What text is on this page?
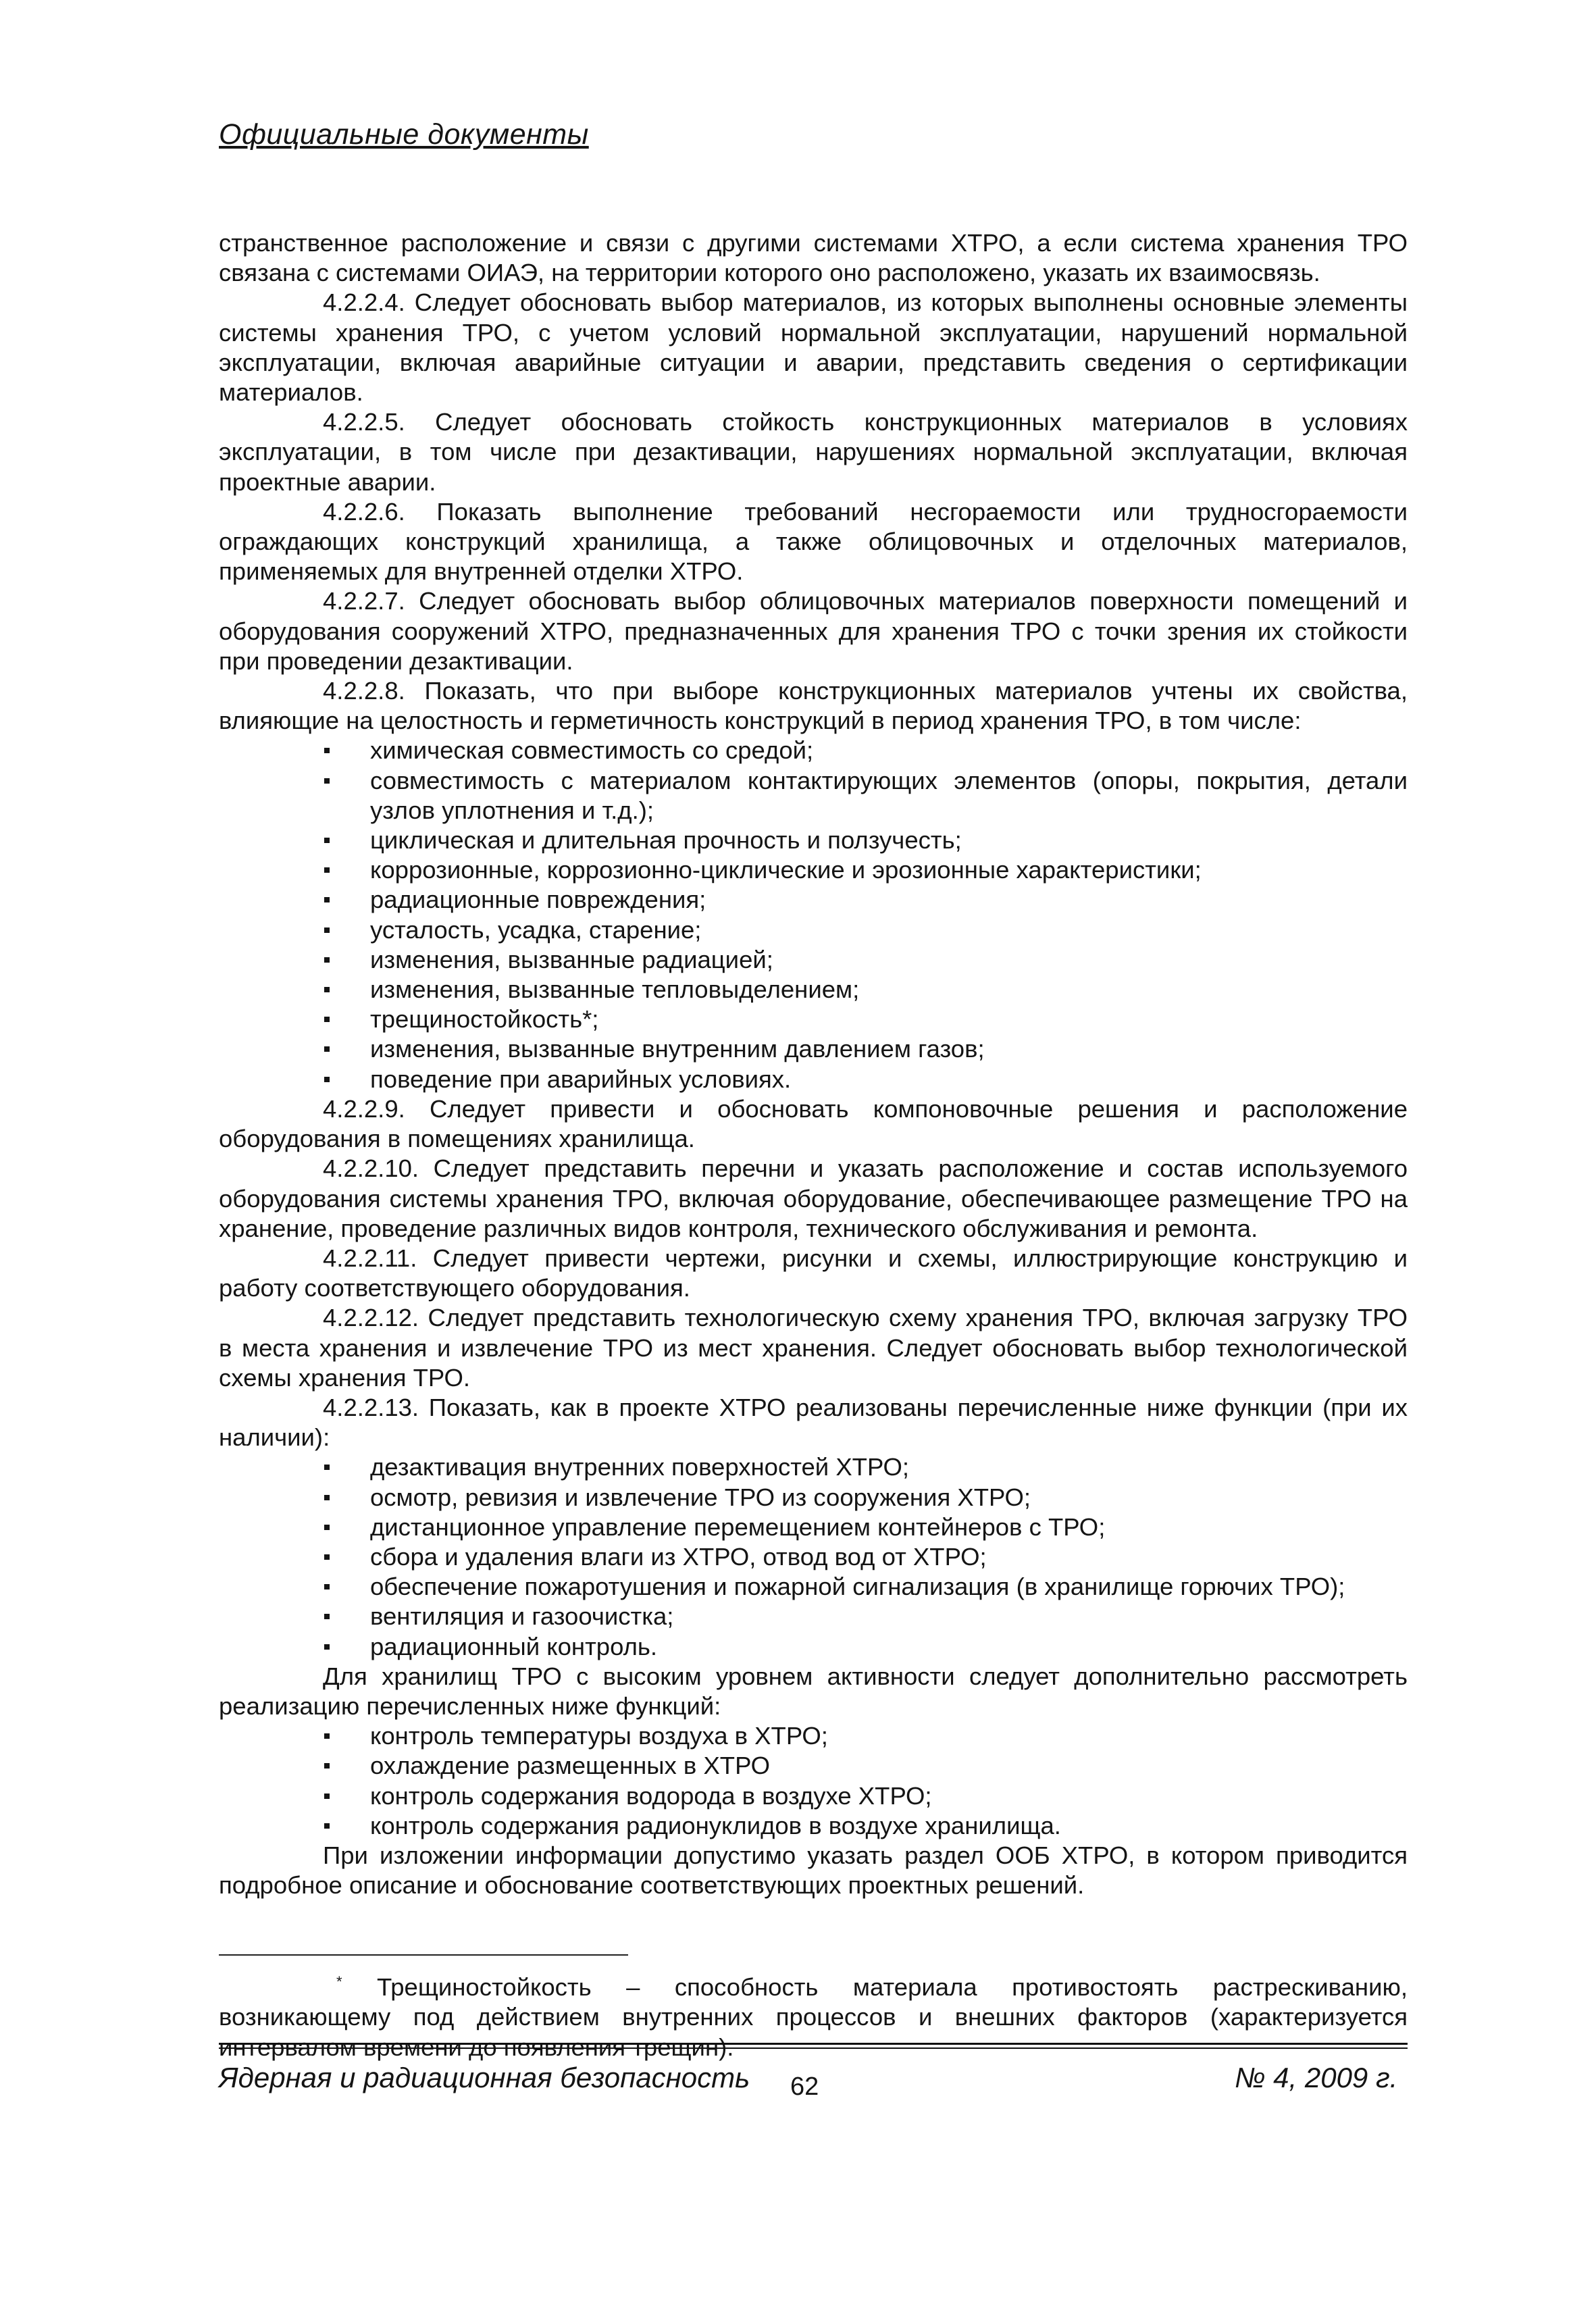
Официальные документы

странственное расположение и связи с другими системами ХТРО, а если система хранения ТРО связана с системами ОИАЭ, на территории которого оно расположено, указать их взаимосвязь.

4.2.2.4. Следует обосновать выбор материалов, из которых выполнены основные элементы системы хранения ТРО, с учетом условий нормальной эксплуатации, нарушений нормальной эксплуатации, включая аварийные ситуации и аварии, представить сведения о сертификации материалов.

4.2.2.5. Следует обосновать стойкость конструкционных материалов в условиях эксплуатации, в том числе при дезактивации, нарушениях нормальной эксплуатации, включая проектные аварии.

4.2.2.6. Показать выполнение требований несгораемости или трудносгораемости ограждающих конструкций хранилища, а также облицовочных и отделочных материалов, применяемых для внутренней отделки ХТРО.

4.2.2.7. Следует обосновать выбор облицовочных материалов поверхности помещений и оборудования сооружений ХТРО, предназначенных для хранения ТРО с точки зрения их стойкости при проведении дезактивации.

4.2.2.8. Показать, что при выборе конструкционных материалов учтены их свойства, влияющие на целостность и герметичность конструкций в период хранения ТРО, в том числе:

химическая совместимость со средой;
совместимость с материалом контактирующих элементов (опоры, покрытия, детали узлов уплотнения и т.д.);
циклическая и длительная прочность и ползучесть;
коррозионные, коррозионно-циклические и эрозионные характеристики;
радиационные повреждения;
усталость, усадка, старение;
изменения, вызванные радиацией;
изменения, вызванные тепловыделением;
трещиностойкость*;
изменения, вызванные внутренним давлением газов;
поведение при аварийных условиях.

4.2.2.9. Следует привести и обосновать компоновочные решения и расположение оборудования в помещениях хранилища.

4.2.2.10. Следует представить перечни и указать расположение и состав используемого оборудования системы хранения ТРО, включая оборудование, обеспечивающее размещение ТРО на хранение, проведение различных видов контроля, технического обслуживания и ремонта.

4.2.2.11. Следует привести чертежи, рисунки и схемы, иллюстрирующие конструкцию и работу соответствующего оборудования.

4.2.2.12. Следует представить технологическую схему хранения ТРО, включая загрузку ТРО в места хранения и извлечение ТРО из мест хранения. Следует обосновать выбор технологической схемы хранения ТРО.

4.2.2.13. Показать, как в проекте ХТРО реализованы перечисленные ниже функции (при их наличии):

дезактивация внутренних поверхностей ХТРО;
осмотр, ревизия и извлечение ТРО из сооружения ХТРО;
дистанционное управление перемещением контейнеров с ТРО;
сбора и удаления влаги из ХТРО, отвод вод от ХТРО;
обеспечение пожаротушения и пожарной сигнализация (в хранилище горючих ТРО);
вентиляция и газоочистка;
радиационный контроль.

Для хранилищ ТРО с высоким уровнем активности следует дополнительно рассмотреть реализацию перечисленных ниже функций:

контроль температуры воздуха в ХТРО;
охлаждение размещенных в ХТРО
контроль содержания водорода в воздухе ХТРО;
контроль содержания радионуклидов в воздухе хранилища.

При изложении информации допустимо указать раздел ООБ ХТРО, в котором приводится подробное описание и обоснование соответствующих проектных решений.

* Трещиностойкость – способность материала противостоять растрескиванию, возникающему под действием внутренних процессов и внешних факторов (характеризуется интервалом времени до появления трещин).
Ядерная и радиационная безопасность 62	№ 4, 2009 г.
